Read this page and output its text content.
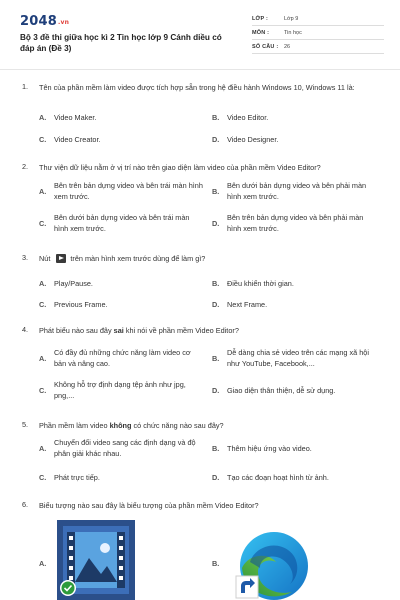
2048.vn
Bộ 3 đề thi giữa học kì 2 Tin học lớp 9 Cánh diều có đáp án (Đề 3)
LỚP :	Lớp 9
MÔN :	Tin học
SỐ CÂU : 26
1. Tên của phần mềm làm video được tích hợp sẵn trong hệ điều hành Windows 10, Windows 11 là:
A. Video Maker.	B. Video Editor.
C. Video Creator.	D. Video Designer.
2. Thư viện dữ liệu nằm ở vị trí nào trên giao diện làm video của phần mềm Video Editor?
A.
Bên trên bản dựng video và bên trái màn hình xem trước.
B.
Bên dưới bản dựng video và bên phải màn hình xem trước.
C.
Bên dưới bản dựng video và bên trái màn hình xem trước.
D.
Bên trên bản dựng video và bên phải màn hình xem trước.
3. Nút	trên màn hình xem trước dùng để làm gì?
A. Play/Pause.	B. Điều khiển thời gian.
C. Previous Frame.	D. Next Frame.
4. Phát biểu nào sau đây sai khi nói về phần mềm Video Editor?
A.
Có đầy đủ những chức năng làm video cơ bản và nâng cao.
B.
Dễ dàng chia sẻ video trên các mạng xã hội như YouTube, Facebook,...
C.
Không hỗ trợ định dạng tệp ảnh như jpg, png,...
D. Giao diện thân thiện, dễ sử dụng.
5. Phần mềm làm video không có chức năng nào sau đây?
A.
Chuyển đổi video sang các định dạng và độ phân giải khác nhau.
B. Thêm hiệu ứng vào video.
C. Phát trực tiếp.	D. Tạo các đoạn hoạt hình từ ảnh.
6. Biểu tượng nào sau đây là biểu tượng của phần mềm Video Editor?
A.	B.
